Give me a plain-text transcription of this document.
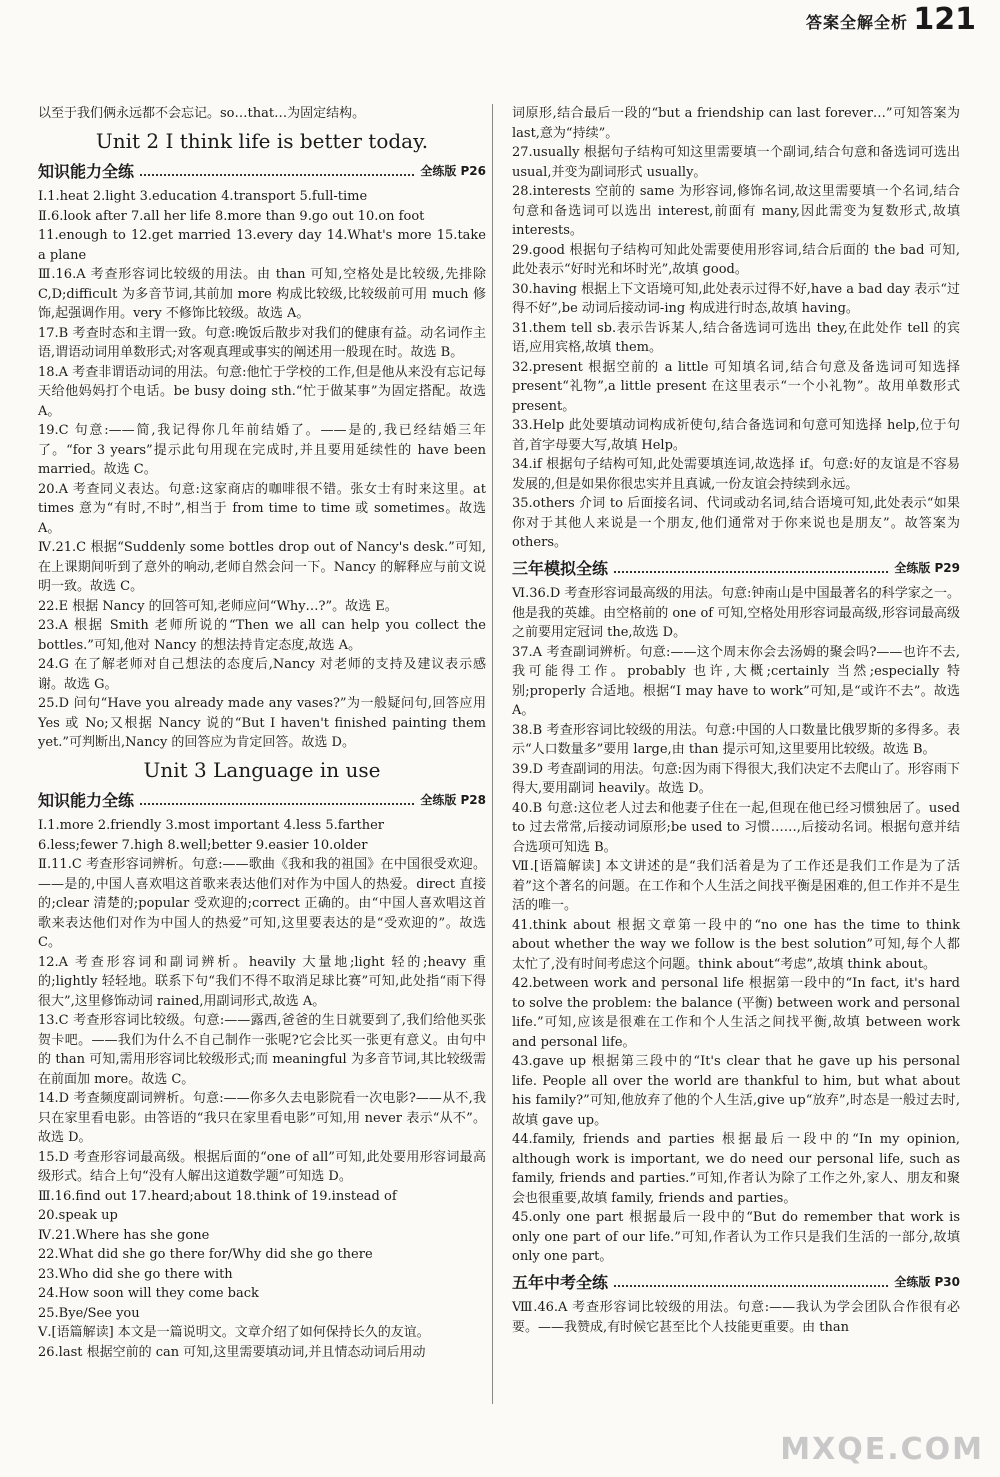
答案全解全析 121

以至于我们俩永远都不会忘记。so…that…为固定结构。

Unit 2 I think life is better today.
知识能力全练	全练版 P26

Ⅰ.1.heat 2.light 3.education 4.transport 5.full-time

Ⅱ.6.look after 7.all her life 8.more than 9.go out 10.on foot

11.enough to 12.get married 13.every day 14.What's more 15.take a plane

Ⅲ.16.A 考查形容词比较级的用法。由 than 可知,空格处是比较级,先排除 C,D;difficult 为多音节词,其前加 more 构成比较级,比较级前可用 much 修饰,起强调作用。very 不修饰比较级。故选 A。

17.B 考查时态和主谓一致。句意:晚饭后散步对我们的健康有益。动名词作主语,谓语动词用单数形式;对客观真理或事实的阐述用一般现在时。故选 B。

18.A 考查非谓语动词的用法。句意:他忙于学校的工作,但是他从来没有忘记每天给他妈妈打个电话。be busy doing sth.“忙于做某事”为固定搭配。故选 A。

19.C 句意:——简,我记得你几年前结婚了。——是的,我已经结婚三年了。“for 3 years”提示此句用现在完成时,并且要用延续性的 have been married。故选 C。

20.A 考查同义表达。句意:这家商店的咖啡很不错。张女士有时来这里。at times 意为“有时,不时”,相当于 from time to time 或 sometimes。故选 A。

Ⅳ.21.C 根据“Suddenly some bottles drop out of Nancy's desk.”可知,在上课期间听到了意外的响动,老师自然会问一下。Nancy 的解释应与前文说明一致。故选 C。

22.E 根据 Nancy 的回答可知,老师应问“Why…?”。故选 E。

23.A 根据 Smith 老师所说的“Then we all can help you collect the bottles.”可知,他对 Nancy 的想法持肯定态度,故选 A。

24.G 在了解老师对自己想法的态度后,Nancy 对老师的支持及建议表示感谢。故选 G。

25.D 问句“Have you already made any vases?”为一般疑问句,回答应用 Yes 或 No;又根据 Nancy 说的“But I haven't finished painting them yet.”可判断出,Nancy 的回答应为肯定回答。故选 D。

Unit 3 Language in use
知识能力全练	全练版 P28

Ⅰ.1.more 2.friendly 3.most important 4.less 5.farther

6.less;fewer 7.high 8.well;better 9.easier 10.older

Ⅱ.11.C 考查形容词辨析。句意:——歌曲《我和我的祖国》在中国很受欢迎。——是的,中国人喜欢唱这首歌来表达他们对作为中国人的热爱。direct 直接的;clear 清楚的;popular 受欢迎的;correct 正确的。由“中国人喜欢唱这首歌来表达他们对作为中国人的热爱”可知,这里要表达的是“受欢迎的”。故选 C。

12.A 考查形容词和副词辨析。heavily 大量地;light 轻的;heavy 重的;lightly 轻轻地。联系下句“我们不得不取消足球比赛”可知,此处指“雨下得很大”,这里修饰动词 rained,用副词形式,故选 A。

13.C 考查形容词比较级。句意:——露西,爸爸的生日就要到了,我们给他买张贺卡吧。——我们为什么不自己制作一张呢?它会比买一张更有意义。由句中的 than 可知,需用形容词比较级形式;而 meaningful 为多音节词,其比较级需在前面加 more。故选 C。

14.D 考查频度副词辨析。句意:——你多久去电影院看一次电影?——从不,我只在家里看电影。由答语的“我只在家里看电影”可知,用 never 表示“从不”。故选 D。

15.D 考查形容词最高级。根据后面的“one of all”可知,此处要用形容词最高级形式。结合上句“没有人解出这道数学题”可知选 D。

Ⅲ.16.find out 17.heard;about 18.think of 19.instead of

20.speak up

Ⅳ.21.Where has she gone

22.What did she go there for/Why did she go there

23.Who did she go there with

24.How soon will they come back

25.Bye/See you

Ⅴ.[语篇解读] 本文是一篇说明文。文章介绍了如何保持长久的友谊。

26.last 根据空前的 can 可知,这里需要填动词,并且情态动词后用动

词原形,结合最后一段的“but a friendship can last forever…”可知答案为 last,意为“持续”。

27.usually 根据句子结构可知这里需要填一个副词,结合句意和备选词可选出 usual,并变为副词形式 usually。

28.interests 空前的 same 为形容词,修饰名词,故这里需要填一个名词,结合句意和备选词可以选出 interest,前面有 many,因此需变为复数形式,故填 interests。

29.good 根据句子结构可知此处需要使用形容词,结合后面的 the bad 可知,此处表示“好时光和坏时光”,故填 good。

30.having 根据上下文语境可知,此处表示过得不好,have a bad day 表示“过得不好”,be 动词后接动词-ing 构成进行时态,故填 having。

31.them tell sb.表示告诉某人,结合备选词可选出 they,在此处作 tell 的宾语,应用宾格,故填 them。

32.present 根据空前的 a little 可知填名词,结合句意及备选词可知选择 present“礼物”,a little present 在这里表示“一个小礼物”。故用单数形式 present。

33.Help 此处要填动词构成祈使句,结合备选词和句意可知选择 help,位于句首,首字母要大写,故填 Help。

34.if 根据句子结构可知,此处需要填连词,故选择 if。句意:好的友谊是不容易发展的,但是如果你很忠实并且真诚,一份友谊会持续到永远。

35.others 介词 to 后面接名词、代词或动名词,结合语境可知,此处表示“如果你对于其他人来说是一个朋友,他们通常对于你来说也是朋友”。故答案为 others。

三年模拟全练	全练版 P29

Ⅵ.36.D 考查形容词最高级的用法。句意:钟南山是中国最著名的科学家之一。他是我的英雄。由空格前的 one of 可知,空格处用形容词最高级,形容词最高级之前要用定冠词 the,故选 D。

37.A 考查副词辨析。句意:——这个周末你会去汤姆的聚会吗?——也许不去,我可能得工作。probably 也许,大概;certainly 当然;especially 特别;properly 合适地。根据“I may have to work”可知,是“或许不去”。故选 A。

38.B 考查形容词比较级的用法。句意:中国的人口数量比俄罗斯的多得多。表示“人口数量多”要用 large,由 than 提示可知,这里要用比较级。故选 B。

39.D 考查副词的用法。句意:因为雨下得很大,我们决定不去爬山了。形容雨下得大,要用副词 heavily。故选 D。

40.B 句意:这位老人过去和他妻子住在一起,但现在他已经习惯独居了。used to 过去常常,后接动词原形;be used to 习惯……,后接动名词。根据句意并结合选项可知选 B。

Ⅶ.[语篇解读] 本文讲述的是“我们活着是为了工作还是我们工作是为了活着”这个著名的问题。在工作和个人生活之间找平衡是困难的,但工作并不是生活的唯一。

41.think about 根据文章第一段中的“no one has the time to think about whether the way we follow is the best solution”可知,每个人都太忙了,没有时间考虑这个问题。think about“考虑”,故填 think about。

42.between work and personal life 根据第一段中的“In fact, it's hard to solve the problem: the balance (平衡) between work and personal life.”可知,应该是很难在工作和个人生活之间找平衡,故填 between work and personal life。

43.gave up 根据第三段中的“It's clear that he gave up his personal life. People all over the world are thankful to him, but what about his family?”可知,他放弃了他的个人生活,give up“放弃”,时态是一般过去时,故填 gave up。

44.family, friends and parties 根据最后一段中的“In my opinion, although work is important, we do need our personal life, such as family, friends and parties.”可知,作者认为除了工作之外,家人、朋友和聚会也很重要,故填 family, friends and parties。

45.only one part 根据最后一段中的“But do remember that work is only one part of our life.”可知,作者认为工作只是我们生活的一部分,故填 only one part。

五年中考全练	全练版 P30

Ⅷ.46.A 考查形容词比较级的用法。句意:——我认为学会团队合作很有必要。——我赞成,有时候它甚至比个人技能更重要。由 than

MXQE.COM
